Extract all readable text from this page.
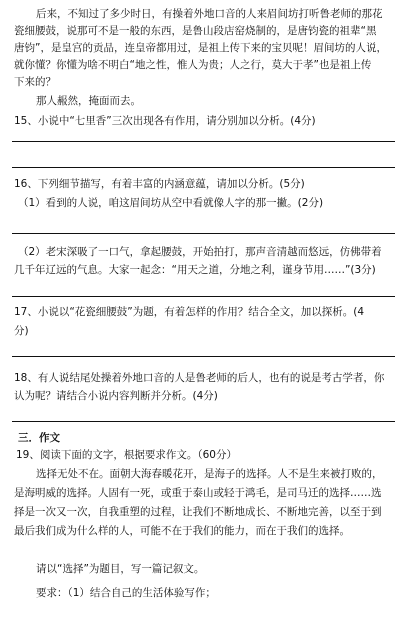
后来，不知过了多少时日，有操着外地口音的人来眉间坊打听鲁老师的那花
瓷细腰鼓，说那可不是一般的东西，是鲁山段店窑烧制的，是唐钧瓷的祖辈“黑
唐钧”，是皇宫的贡品，连皇帝都用过，是祖上传下来的宝贝呢！眉间坊的人说，
就你懂？你懂为啥不明白“地之性，惟人为贵；人之行，莫大于孝”也是祖上传
下来的？
那人赧然，掩面而去。
15、小说中“七里香”三次出现各有作用，请分别加以分析。(4分)
16、下列细节描写，有着丰富的内涵意蕴，请加以分析。(5分)
（1）看到的人说，咱这眉间坊从空中看就像人字的那一撇。(2分)
（2）老宋深吸了一口气，拿起腰鼓，开始拍打，那声音清越而悠远，仿佛带着
几千年辽远的气息。大家一起念：“用天之道，分地之利，谨身节用……”(3分)
17、小说以“花瓷细腰鼓”为题，有着怎样的作用？结合全文，加以探析。(4
分)
18、有人说结尾处操着外地口音的人是鲁老师的后人，也有的说是考古学者，你
认为呢？请结合小说内容判断并分析。(4分)
三．作文
19、阅读下面的文字，根据要求作文。（60分）
选择无处不在。面朝大海春暖花开，是海子的选择。人不是生来被打败的，
是海明威的选择。人固有一死，或重于泰山或轻于鸿毛，是司马迁的选择……选
择是一次又一次，自我重塑的过程，让我们不断地成长、不断地完善，以至于到
最后我们成为什么样的人，可能不在于我们的能力，而在于我们的选择。
请以“选择”为题目，写一篇记叙文。
要求：（1）结合自己的生活体验写作；
